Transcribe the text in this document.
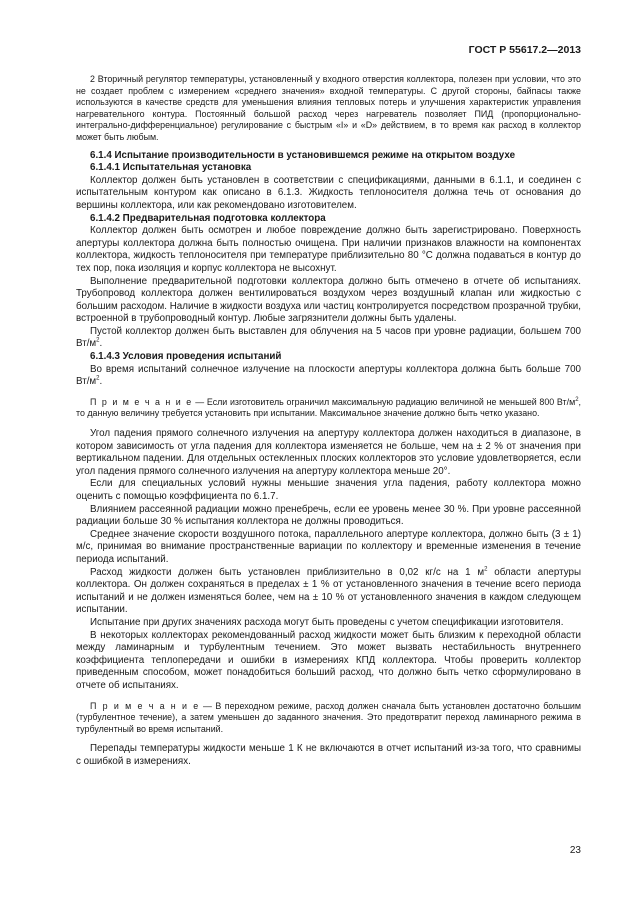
ГОСТ Р 55617.2—2013

2 Вторичный регулятор температуры, установленный у входного отверстия коллектора, полезен при условии, что это не создает проблем с измерением «среднего значения» входной температуры. С другой стороны, байпасы также используются в качестве средств для уменьшения влияния тепловых потерь и улучшения характеристик управления нагревательного контура. Постоянный большой расход через нагреватель позволяет ПИД (пропорционально-интегрально-дифференциальное) регулирование с быстрым «I» и «D» действием, в то время как расход в коллектор может быть любым.

6.1.4 Испытание производительности в установившемся режиме на открытом воздухе
6.1.4.1 Испытательная установка

Коллектор должен быть установлен в соответствии с спецификациями, данными в 6.1.1, и соединен с испытательным контуром как описано в 6.1.3. Жидкость теплоносителя должна течь от основания до вершины коллектора, или как рекомендовано изготовителем.

6.1.4.2 Предварительная подготовка коллектора

Коллектор должен быть осмотрен и любое повреждение должно быть зарегистрировано. Поверхность апертуры коллектора должна быть полностью очищена. При наличии признаков влажности на компонентах коллектора, жидкость теплоносителя при температуре приблизительно 80 °С должна подаваться в контур до тех пор, пока изоляция и корпус коллектора не высохнут.

Выполнение предварительной подготовки коллектора должно быть отмечено в отчете об испытаниях. Трубопровод коллектора должен вентилироваться воздухом через воздушный клапан или жидкостью с большим расходом. Наличие в жидкости воздуха или частиц контролируется посредством прозрачной трубки, встроенной в трубопроводный контур. Любые загрязнители должны быть удалены.

Пустой коллектор должен быть выставлен для облучения на 5 часов при уровне радиации, большем 700 $Вт/м^2$.

6.1.4.3 Условия проведения испытаний

Во время испытаний солнечное излучение на плоскости апертуры коллектора должна быть больше 700 $Вт/м^2$.

П р и м е ч а н и е — Если изготовитель ограничил максимальную радиацию величиной не меньшей 800 $Вт/м^2$, то данную величину требуется установить при испытании. Максимальное значение должно быть четко указано.

Угол падения прямого солнечного излучения на апертуру коллектора должен находиться в диапазоне, в котором зависимость от угла падения для коллектора изменяется не больше, чем на ± 2 % от значения при вертикальном падении. Для отдельных остекленных плоских коллекторов это условие удовлетворяется, если угол падения прямого солнечного излучения на апертуру коллектора меньше 20°.

Если для специальных условий нужны меньшие значения угла падения, работу коллектора можно оценить с помощью коэффициента по 6.1.7.

Влиянием рассеянной радиации можно пренебречь, если ее уровень менее 30 %. При уровне рассеянной радиации больше 30 % испытания коллектора не должны проводиться.

Среднее значение скорости воздушного потока, параллельного апертуре коллектора, должно быть (3 ± 1) м/с, принимая во внимание пространственные вариации по коллектору и временные изменения в течение периода испытаний.

Расход жидкости должен быть установлен приблизительно в 0,02 кг/с на 1 $м^2$ области апертуры коллектора. Он должен сохраняться в пределах ± 1 % от установленного значения в течение всего периода испытаний и не должен изменяться более, чем на ± 10 % от установленного значения в каждом следующем испытании.

Испытание при других значениях расхода могут быть проведены с учетом спецификации изготовителя.

В некоторых коллекторах рекомендованный расход жидкости может быть близким к переходной области между ламинарным и турбулентным течением. Это может вызвать нестабильность внутреннего коэффициента теплопередачи и ошибки в измерениях КПД коллектора. Чтобы проверить коллектор приведенным способом, может понадобиться больший расход, что должно быть четко сформулировано в отчете об испытаниях.

П р и м е ч а н и е — В переходном режиме, расход должен сначала быть установлен достаточно большим (турбулентное течение), а затем уменьшен до заданного значения. Это предотвратит переход ламинарного режима в турбулентный во время испытаний.

Перепады температуры жидкости меньше 1 К не включаются в отчет испытаний из-за того, что сравнимы с ошибкой в измерениях.

23
